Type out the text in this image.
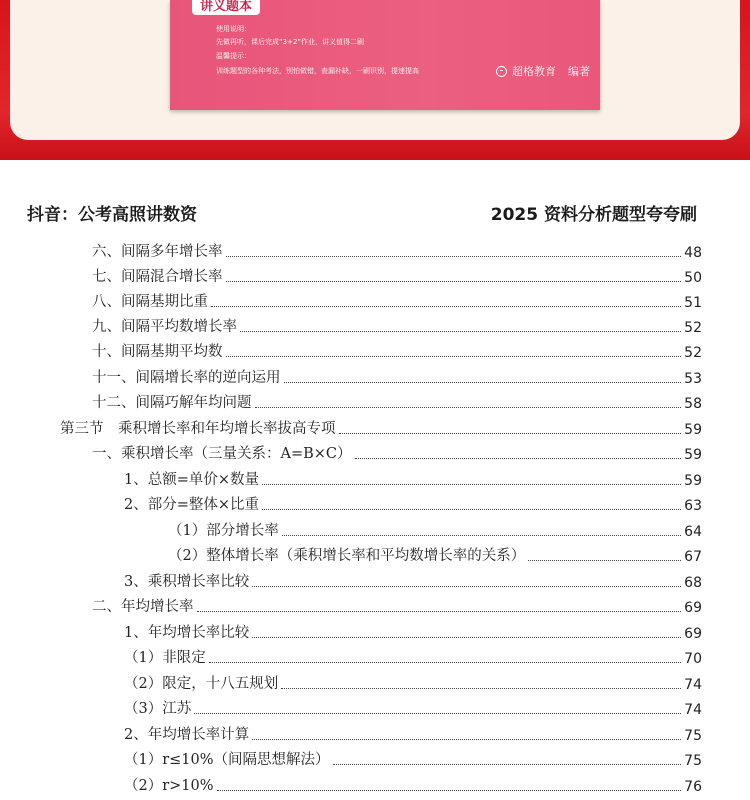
讲义题本
使用说明：
先做再听，课后完成“3+2”作业，讲义值得二刷
温馨提示：
训练题型的各种考法，别怕做错，查漏补缺，一刷识别，提速提高	超格教育 编著
抖音：公考高照讲数资	2025 资料分析题型夸夸刷
六、间隔多年增长率	48
七、间隔混合增长率	50
八、间隔基期比重	51
九、间隔平均数增长率	52
十、间隔基期平均数	52
十一、间隔增长率的逆向运用	53
十二、间隔巧解年均问题	58
第三节　乘积增长率和年均增长率拔高专项	59
一、乘积增长率（三量关系：A=B×C）	59
1、总额=单价×数量	59
2、部分=整体×比重	63
（1）部分增长率	64
（2）整体增长率（乘积增长率和平均数增长率的关系）	67
3、乘积增长率比较	68
二、年均增长率	69
1、年均增长率比较	69
（1）非限定	70
（2）限定，十八五规划	74
（3）江苏	74
2、年均增长率计算	75
（1）r≤10%（间隔思想解法）	75
（2）r>10%	76
